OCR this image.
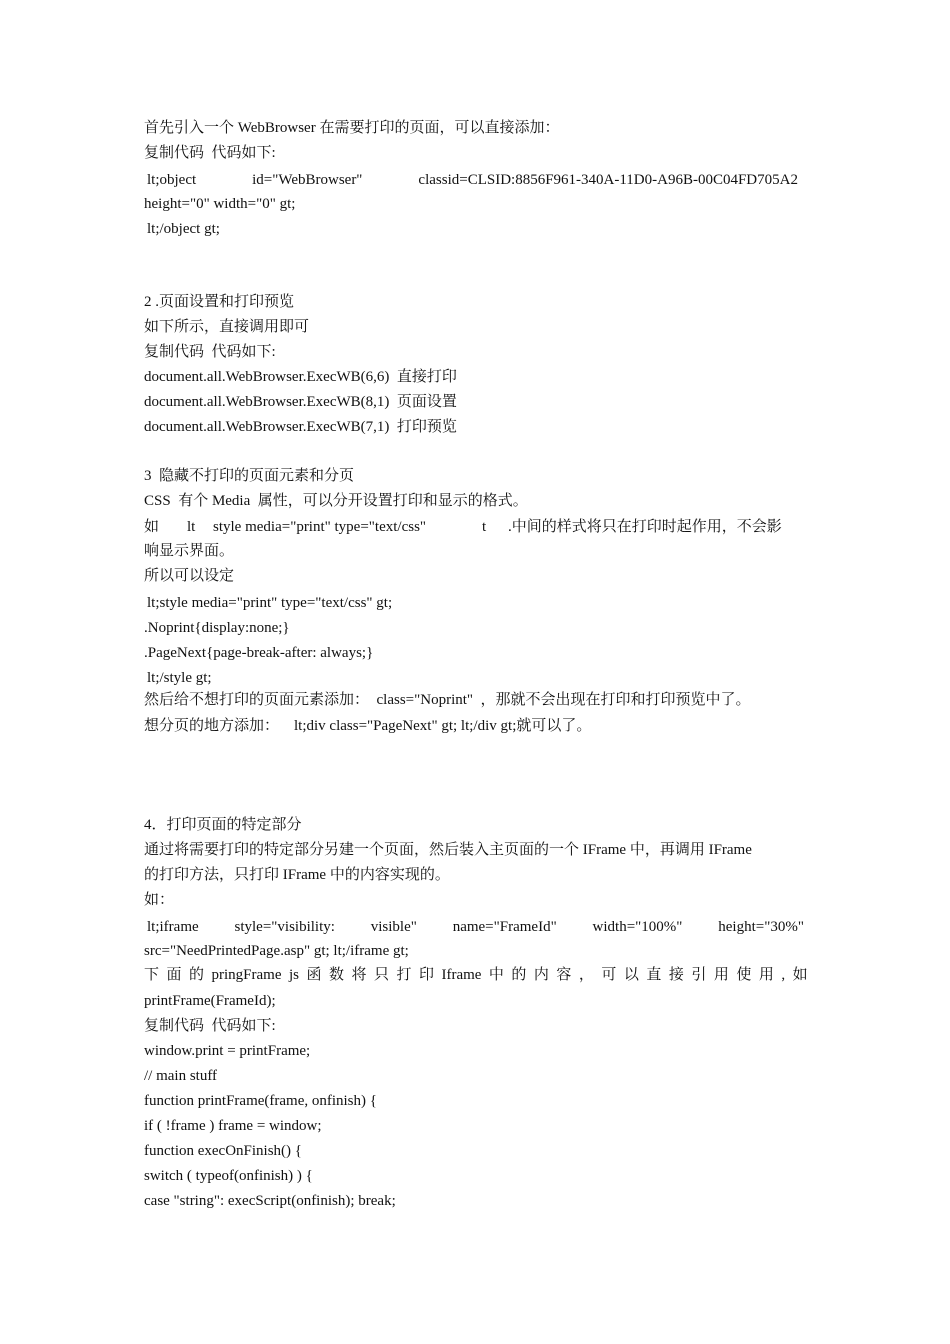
首先引入一个 WebBrowser 在需要打印的页面，可以直接添加：
复制代码  代码如下:
lt;object	id="WebBrowser"	classid=CLSID:8856F961-340A-11D0-A96B-00C04FD705A2
height="0" width="0" gt;
lt;/object gt;
2 .页面设置和打印预览
如下所示，直接调用即可
复制代码  代码如下:
document.all.WebBrowser.ExecWB(6,6)  直接打印
document.all.WebBrowser.ExecWB(8,1)  页面设置
document.all.WebBrowser.ExecWB(7,1)  打印预览
3  隐藏不打印的页面元素和分页
CSS  有个 Media  属性，可以分开设置打印和显示的格式。
如 lt style media="print" type="text/css"	t .中间的样式将只在打印时起作用，不会影
响显示界面。
所以可以设定
lt;style media="print" type="text/css" gt;
.Noprint{display:none;}
.PageNext{page-break-after: always;}
lt;/style gt;
然后给不想打印的页面元素添加：  class="Noprint"  ，那就不会出现在打印和打印预览中了。
想分页的地方添加：    lt;div class="PageNext" gt; lt;/div gt;就可以了。
4．打印页面的特定部分
通过将需要打印的特定部分另建一个页面，然后装入主页面的一个 IFrame 中，再调用 IFrame
的打印方法，只打印 IFrame 中的内容实现的。
如：
lt;iframe style="visibility: visible" name="FrameId" width="100%" height="30%"
src="NeedPrintedPage.asp" gt; lt;/iframe gt;
下 面 的 pringFrame js 函 数 将 只 打 印 Iframe 中 的 内 容 ， 可 以 直 接 引 用 使 用 , 如
printFrame(FrameId);
复制代码  代码如下:
window.print = printFrame;
// main stuff
function printFrame(frame, onfinish) {
if ( !frame ) frame = window;
function execOnFinish() {
switch ( typeof(onfinish) ) {
case "string": execScript(onfinish); break;
